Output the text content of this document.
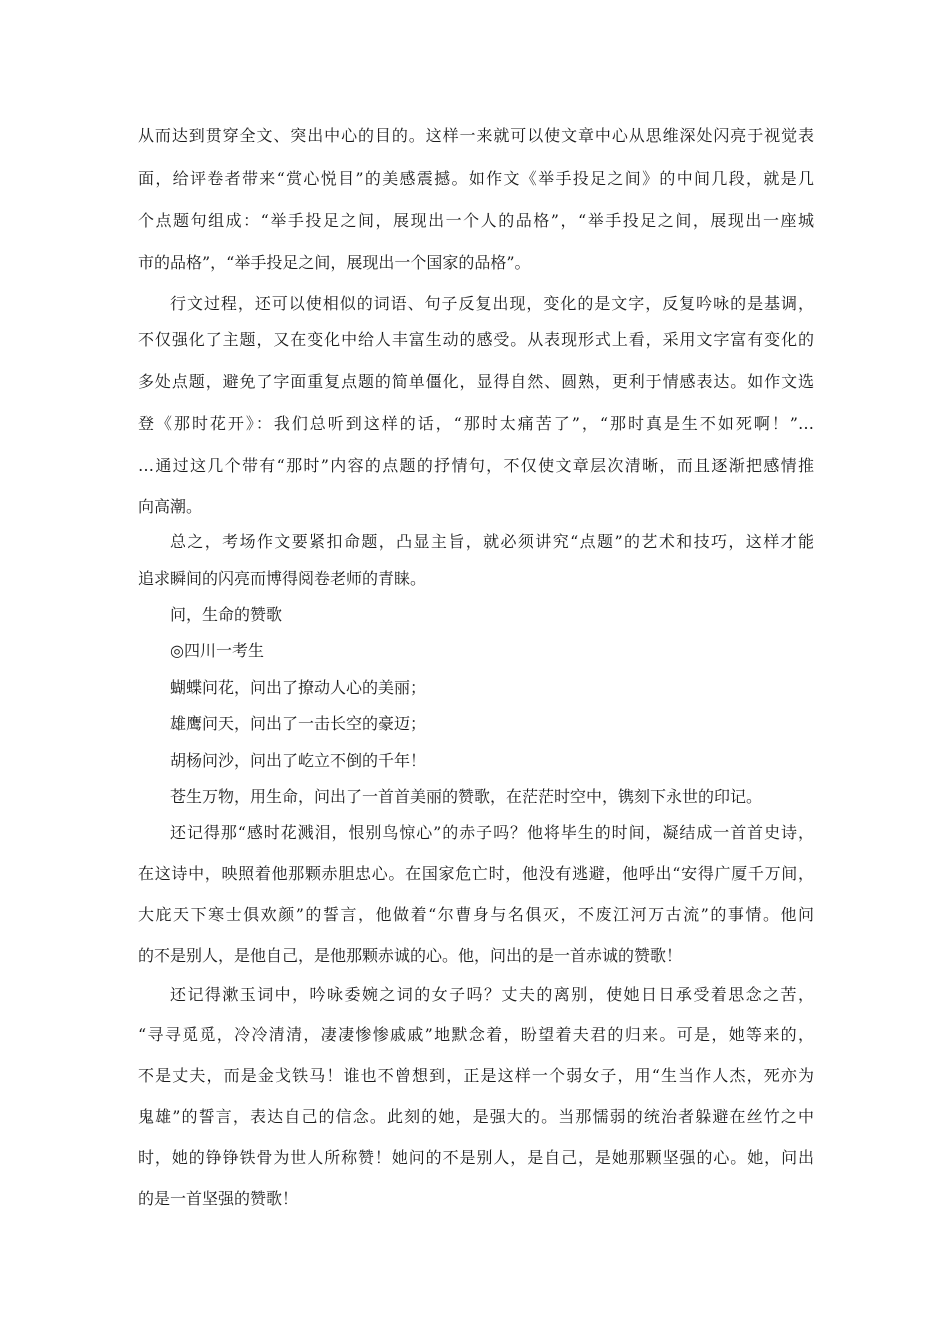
从而达到贯穿全文、突出中心的目的。这样一来就可以使文章中心从思维深处闪亮于视觉表
面，给评卷者带来“赏心悦目”的美感震撼。如作文《举手投足之间》的中间几段，就是几
个点题句组成：“举手投足之间，展现出一个人的品格”，“举手投足之间，展现出一座城
市的品格”，“举手投足之间，展现出一个国家的品格”。
行文过程，还可以使相似的词语、句子反复出现，变化的是文字，反复吟咏的是基调，
不仅强化了主题，又在变化中给人丰富生动的感受。从表现形式上看，采用文字富有变化的
多处点题，避免了字面重复点题的简单僵化，显得自然、圆熟，更利于情感表达。如作文选
登《那时花开》：我们总听到这样的话，“那时太痛苦了”，“那时真是生不如死啊！”…
…通过这几个带有“那时”内容的点题的抒情句，不仅使文章层次清晰，而且逐渐把感情推
向高潮。
总之，考场作文要紧扣命题，凸显主旨，就必须讲究“点题”的艺术和技巧，这样才能
追求瞬间的闪亮而博得阅卷老师的青睐。
问，生命的赞歌
◎四川一考生
蝴蝶问花，问出了撩动人心的美丽；
雄鹰问天，问出了一击长空的豪迈；
胡杨问沙，问出了屹立不倒的千年！
苍生万物，用生命，问出了一首首美丽的赞歌，在茫茫时空中，镌刻下永世的印记。
还记得那“感时花溅泪，恨别鸟惊心”的赤子吗？他将毕生的时间，凝结成一首首史诗，
在这诗中，映照着他那颗赤胆忠心。在国家危亡时，他没有逃避，他呼出“安得广厦千万间，
大庇天下寒士俱欢颜”的誓言，他做着“尔曹身与名俱灭，不废江河万古流”的事情。他问
的不是别人，是他自己，是他那颗赤诚的心。他，问出的是一首赤诚的赞歌！
还记得漱玉词中，吟咏委婉之词的女子吗？丈夫的离别，使她日日承受着思念之苦，
“寻寻觅觅，冷冷清清，凄凄惨惨戚戚”地默念着，盼望着夫君的归来。可是，她等来的，
不是丈夫，而是金戈铁马！谁也不曾想到，正是这样一个弱女子，用“生当作人杰，死亦为
鬼雄”的誓言，表达自己的信念。此刻的她，是强大的。当那懦弱的统治者躲避在丝竹之中
时，她的铮铮铁骨为世人所称赞！她问的不是别人，是自己，是她那颗坚强的心。她，问出
的是一首坚强的赞歌！
